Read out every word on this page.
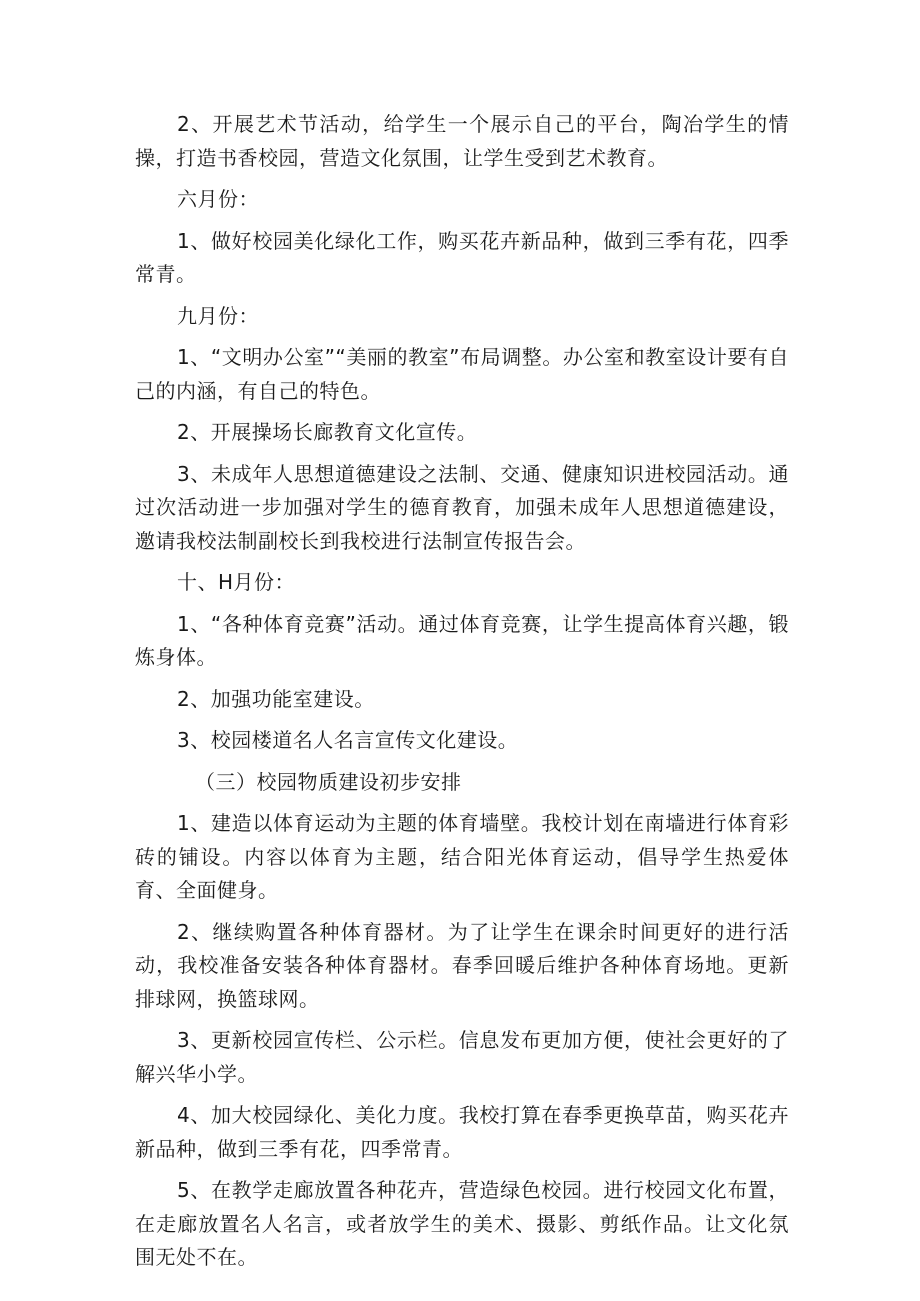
2、开展艺术节活动，给学生一个展示自己的平台，陶冶学生的情操，打造书香校园，营造文化氛围，让学生受到艺术教育。

六月份：

1、做好校园美化绿化工作，购买花卉新品种，做到三季有花，四季常青。

九月份：

1、“文明办公室”“美丽的教室”布局调整。办公室和教室设计要有自己的内涵，有自己的特色。

2、开展操场长廊教育文化宣传。

3、未成年人思想道德建设之法制、交通、健康知识进校园活动。通过次活动进一步加强对学生的德育教育，加强未成年人思想道德建设，邀请我校法制副校长到我校进行法制宣传报告会。

十、H月份：

1、“各种体育竞赛”活动。通过体育竞赛，让学生提高体育兴趣，锻炼身体。

2、加强功能室建设。

3、校园楼道名人名言宣传文化建设。

（三）校园物质建设初步安排

1、建造以体育运动为主题的体育墙壁。我校计划在南墙进行体育彩砖的铺设。内容以体育为主题，结合阳光体育运动，倡导学生热爱体育、全面健身。

2、继续购置各种体育器材。为了让学生在课余时间更好的进行活动，我校准备安装各种体育器材。春季回暖后维护各种体育场地。更新排球网，换篮球网。

3、更新校园宣传栏、公示栏。信息发布更加方便，使社会更好的了解兴华小学。

4、加大校园绿化、美化力度。我校打算在春季更换草苗，购买花卉新品种，做到三季有花，四季常青。

5、在教学走廊放置各种花卉，营造绿色校园。进行校园文化布置，在走廊放置名人名言，或者放学生的美术、摄影、剪纸作品。让文化氛围无处不在。
